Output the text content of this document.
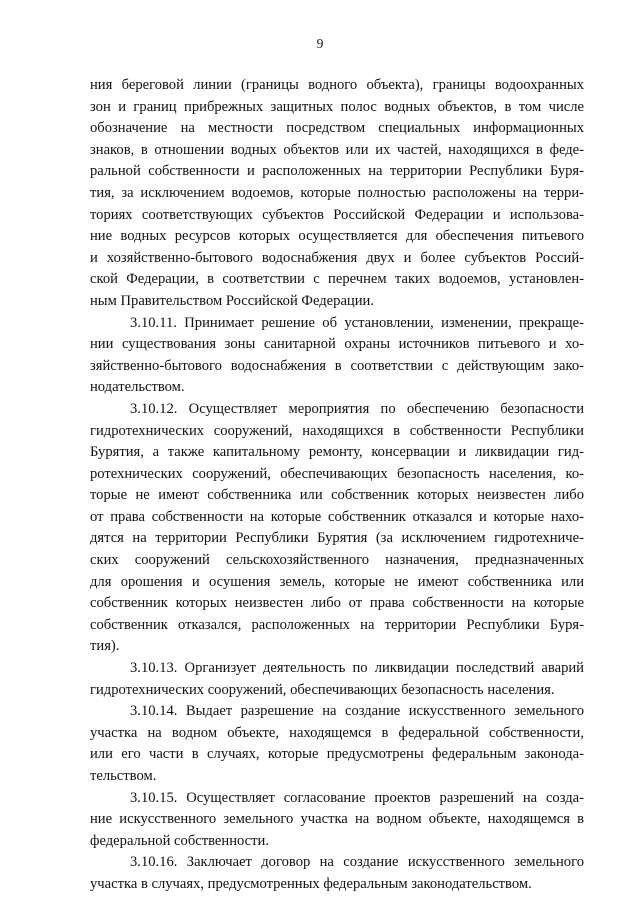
9
ния береговой линии (границы водного объекта), границы водоохранных
зон и границ прибрежных защитных полос водных объектов, в том числе
обозначение на местности посредством специальных информационных
знаков, в отношении водных объектов или их частей, находящихся в феде-
ральной собственности и расположенных на территории Республики Буря-
тия, за исключением водоемов, которые полностью расположены на терри-
ториях соответствующих субъектов Российской Федерации и использова-
ние водных ресурсов которых осуществляется для обеспечения питьевого
и хозяйственно-бытового водоснабжения двух и более субъектов Россий-
ской Федерации, в соответствии с перечнем таких водоемов, установлен-
ным Правительством Российской Федерации.
3.10.11. Принимает решение об установлении, изменении, прекраще-
нии существования зоны санитарной охраны источников питьевого и хо-
зяйственно-бытового водоснабжения в соответствии с действующим зако-
нодательством.
3.10.12. Осуществляет мероприятия по обеспечению безопасности
гидротехнических сооружений, находящихся в собственности Республики
Бурятия, а также капитальному ремонту, консервации и ликвидации гид-
ротехнических сооружений, обеспечивающих безопасность населения, ко-
торые не имеют собственника или собственник которых неизвестен либо
от права собственности на которые собственник отказался и которые нахо-
дятся на территории Республики Бурятия (за исключением гидротехниче-
ских сооружений сельскохозяйственного назначения, предназначенных
для орошения и осушения земель, которые не имеют собственника или
собственник которых неизвестен либо от права собственности на которые
собственник отказался, расположенных на территории Республики Буря-
тия).
3.10.13. Организует деятельность по ликвидации последствий аварий
гидротехнических сооружений, обеспечивающих безопасность населения.
3.10.14. Выдает разрешение на создание искусственного земельного
участка на водном объекте, находящемся в федеральной собственности,
или его части в случаях, которые предусмотрены федеральным законода-
тельством.
3.10.15. Осуществляет согласование проектов разрешений на созда-
ние искусственного земельного участка на водном объекте, находящемся в
федеральной собственности.
3.10.16. Заключает договор на создание искусственного земельного
участка в случаях, предусмотренных федеральным законодательством.
